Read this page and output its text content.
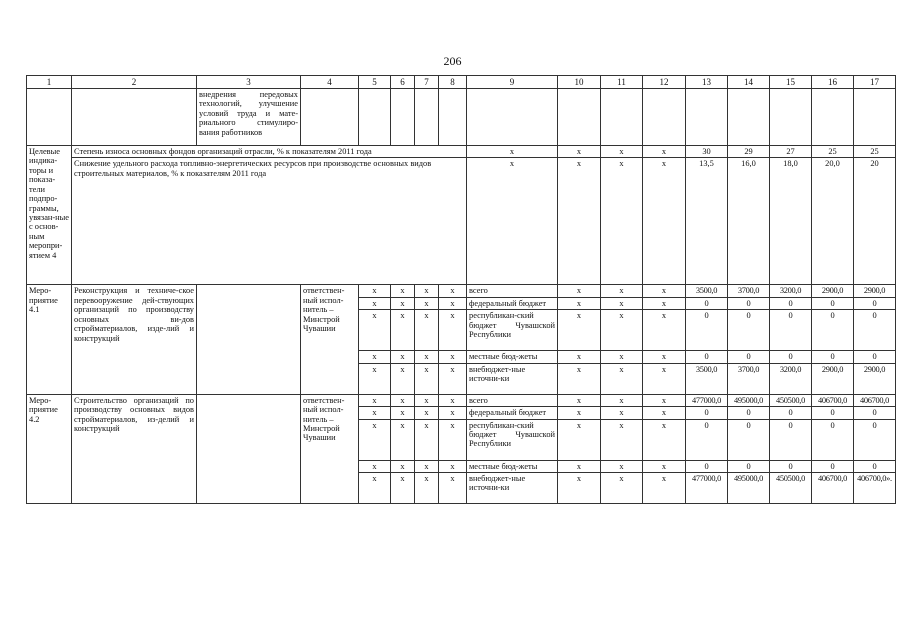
206
1	2	3	4	5	6	7	8	9	10	11	12	13	14	15	16	17
		внедрения передовых технологий, улучшение условий труда и мате-риального стимулиро-вания работников														
Целевые индика-торы и показа-тели подпро-граммы, увязан-ные с основ-ным меропри-ятием 4	Степень износа основных фондов организаций отрасли, % к показателям 2011 года							х	х	х	х	30	29	27	25	25
	Снижение удельного расхода топливно-энергетических ресурсов при производстве основных видов строительных материалов, % к показателям 2011 года							х	х	х	х	13,5	16,0	18,0	20,0	20
Меро-приятие 4.1	Реконструкция и техниче-ское перевооружение дей-ствующих организаций по производству основных ви-дов стройматериалов, изде-лий и конструкций		ответствен-ный испол-нитель – Минстрой Чувашии	х	х	х	х	всего	х	х	х	3500,0	3700,0	3200,0	2900,0	2900,0
				х	х	х	х	федеральный бюджет	х	х	х	0	0	0	0	0
				х	х	х	х	республикан-ский бюджет Чувашской Республики	х	х	х	0	0	0	0	0
				х	х	х	х	местные бюд-жеты	х	х	х	0	0	0	0	0
				х	х	х	х	внебюджет-ные источни-ки	х	х	х	3500,0	3700,0	3200,0	2900,0	2900,0
Меро-приятие 4.2	Строительство организаций по производству основных видов стройматериалов, из-делий и конструкций		ответствен-ный испол-нитель – Минстрой Чувашии	х	х	х	х	всего	х	х	х	477000,0	495000,0	450500,0	406700,0	406700,0
				х	х	х	х	федеральный бюджет	х	х	х	0	0	0	0	0
				х	х	х	х	республикан-ский бюджет Чувашской Республики	х	х	х	0	0	0	0	0
				х	х	х	х	местные бюд-жеты	х	х	х	0	0	0	0	0
				х	х	х	х	внебюджет-ные источни-ки	х	х	х	477000,0	495000,0	450500,0	406700,0	406700,0».
